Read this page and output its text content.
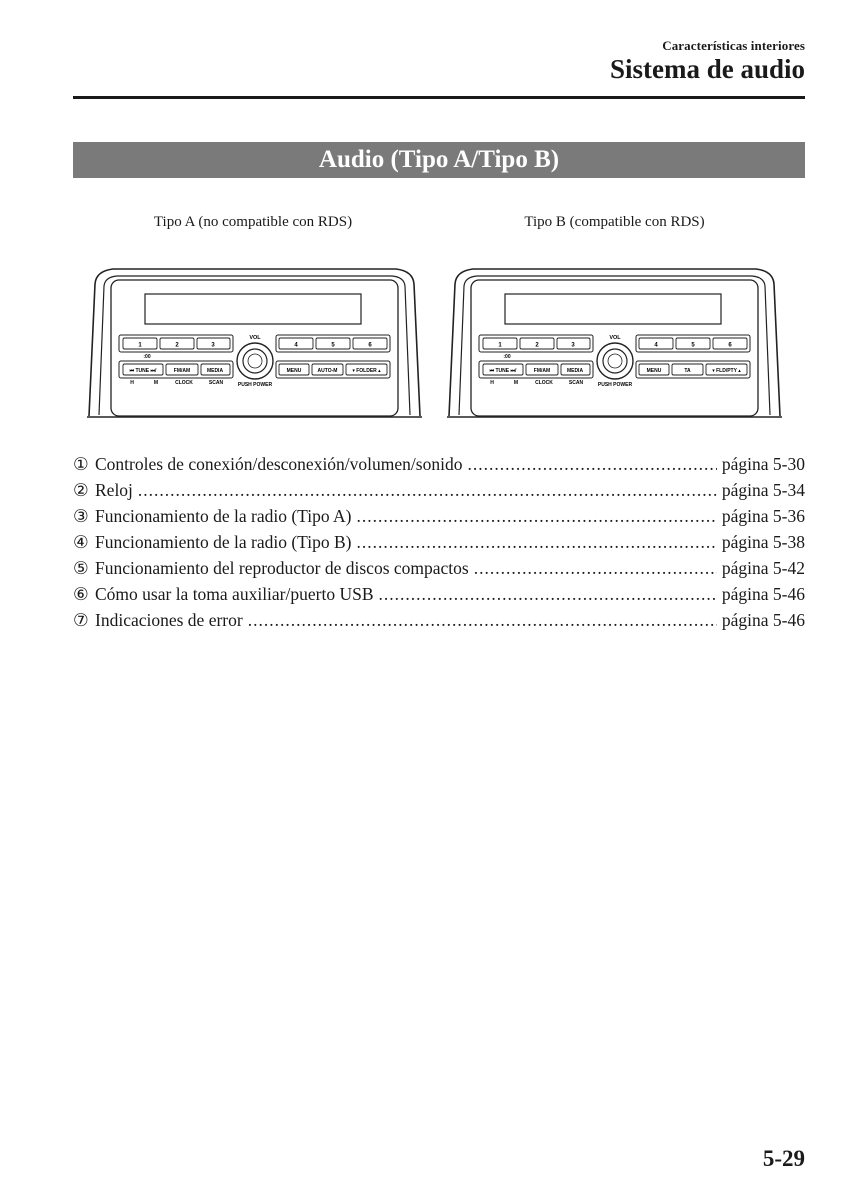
Características interiores
Sistema de audio
Audio (Tipo A/Tipo B)
Tipo A (no compatible con RDS)	Tipo B (compatible con RDS)
1	2	3
:00
4	5	6
VOL
PUSH POWER
⏮ TUNE ⏭/	FM/AM	MEDIA
H	M	CLOCK	SCAN
MENU	AUTO-M	▾ FOLDER ▴
1	2	3
:00
4	5	6
VOL
PUSH POWER
⏮ TUNE ⏭/	FM/AM	MEDIA
H	M	CLOCK	SCAN
MENU	TA	▾ FLD/PTY ▴
① Controles de conexión/desconexión/volumen/sonido .....	página 5-30
② Reloj .....	página 5-34
③ Funcionamiento de la radio (Tipo A) .....	página 5-36
④ Funcionamiento de la radio (Tipo B) .....	página 5-38
⑤ Funcionamiento del reproductor de discos compactos .....	página 5-42
⑥ Cómo usar la toma auxiliar/puerto USB .....	página 5-46
⑦ Indicaciones de error .....	página 5-46
5-29
